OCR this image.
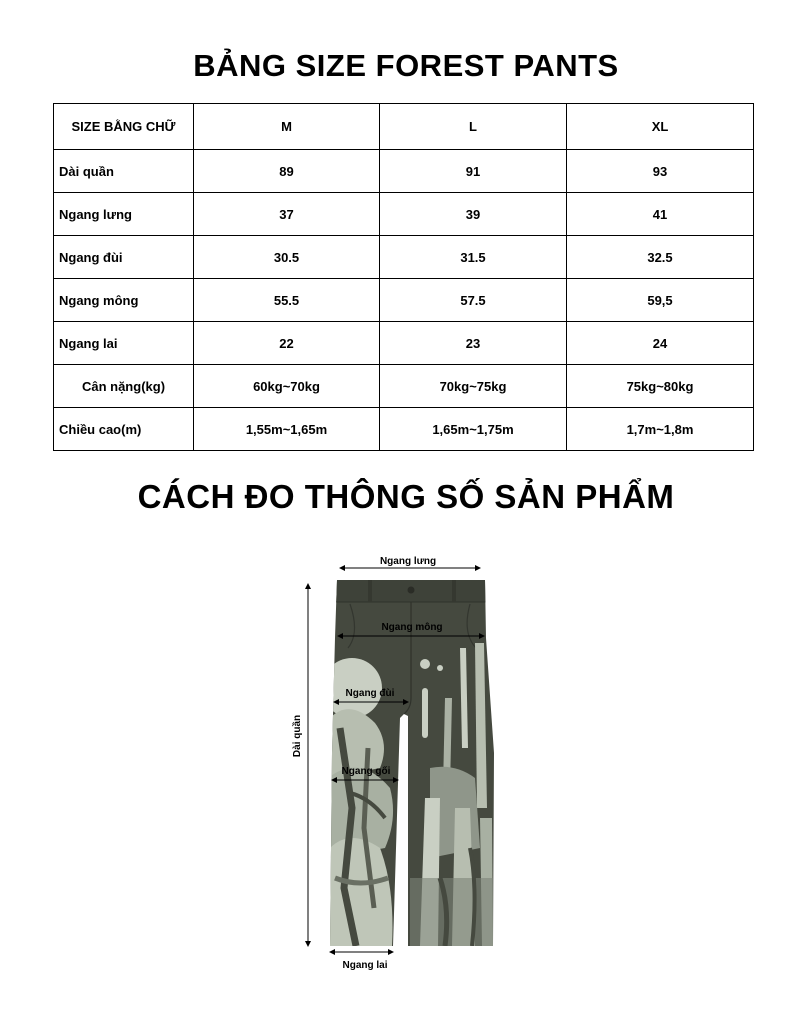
BẢNG SIZE FOREST PANTS
SIZE BẰNG CHỮ	M	L	XL
Dài quần	89	91	93
Ngang lưng	37	39	41
Ngang đùi	30.5	31.5	32.5
Ngang mông	55.5	57.5	59,5
Ngang lai	22	23	24
Cân nặng(kg)	60kg~70kg	70kg~75kg	75kg~80kg
Chiều cao(m)	1,55m~1,65m	1,65m~1,75m	1,7m~1,8m
CÁCH ĐO THÔNG SỐ SẢN PHẨM
Ngang lưng
Ngang mông
Ngang đùi
Ngang gối
Dài quần
Ngang lai
